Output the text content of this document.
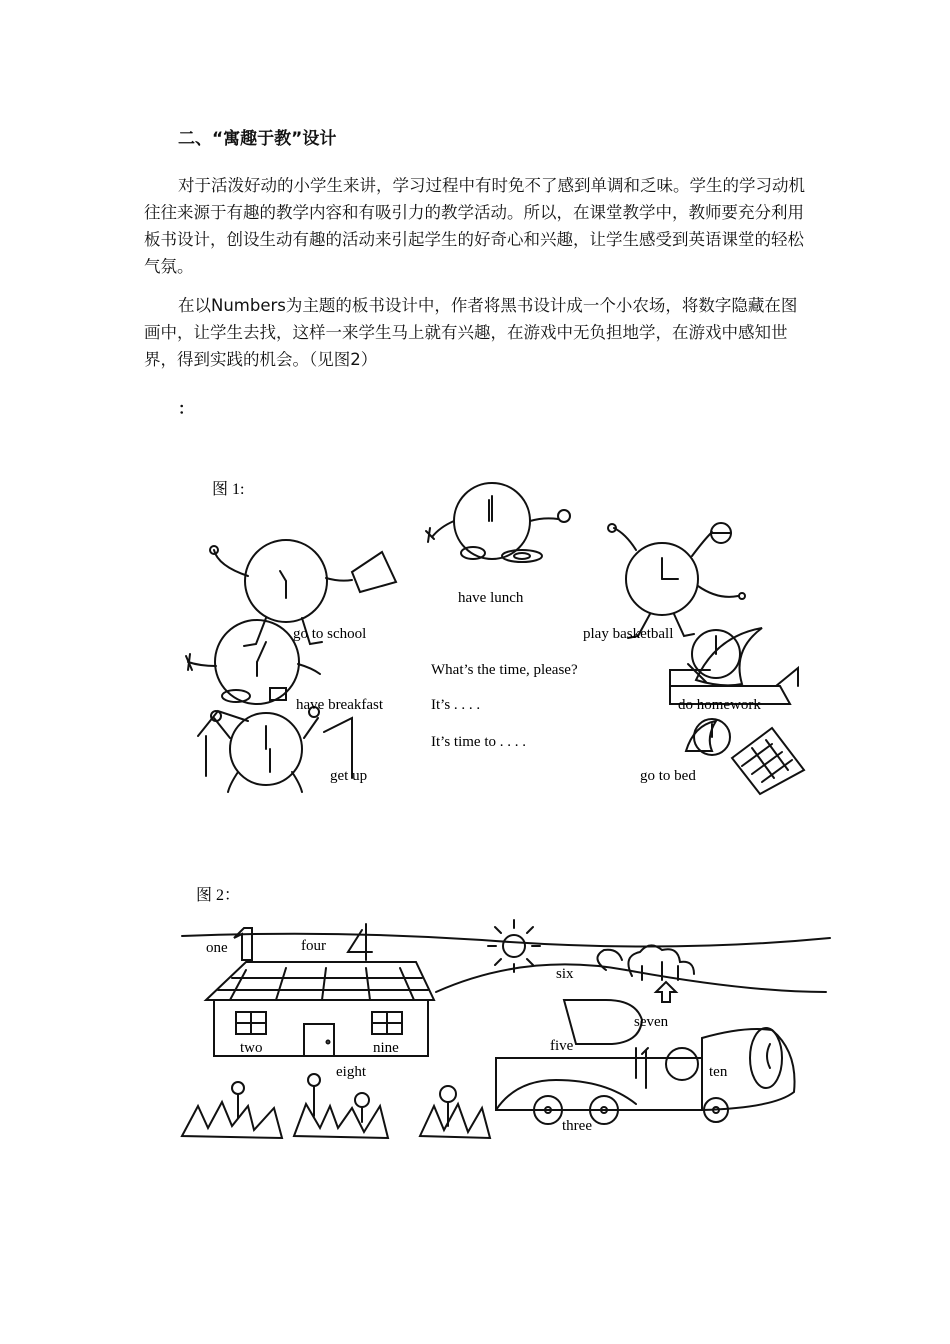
二、“寓趣于教”设计
对于活泼好动的小学生来讲，学习过程中有时免不了感到单调和乏味。学生的学习动机往往来源于有趣的教学内容和有吸引力的教学活动。所以，在课堂教学中，教师要充分利用板书设计，创设生动有趣的活动来引起学生的好奇心和兴趣，让学生感受到英语课堂的轻松气氛。
在以Numbers为主题的板书设计中，作者将黑书设计成一个小农场，将数字隐藏在图画中，让学生去找，这样一来学生马上就有兴趣，在游戏中无负担地学，在游戏中感知世界，得到实践的机会。（见图2）
：
图 1:
have lunch
go to school	play basketball
have breakfast	do homework
get up	go to bed
What’s the time, please?
It’s . . . .
It’s time to . . . .
图 2：
one	four
six
seven
two	nine
eight
five
ten
three
